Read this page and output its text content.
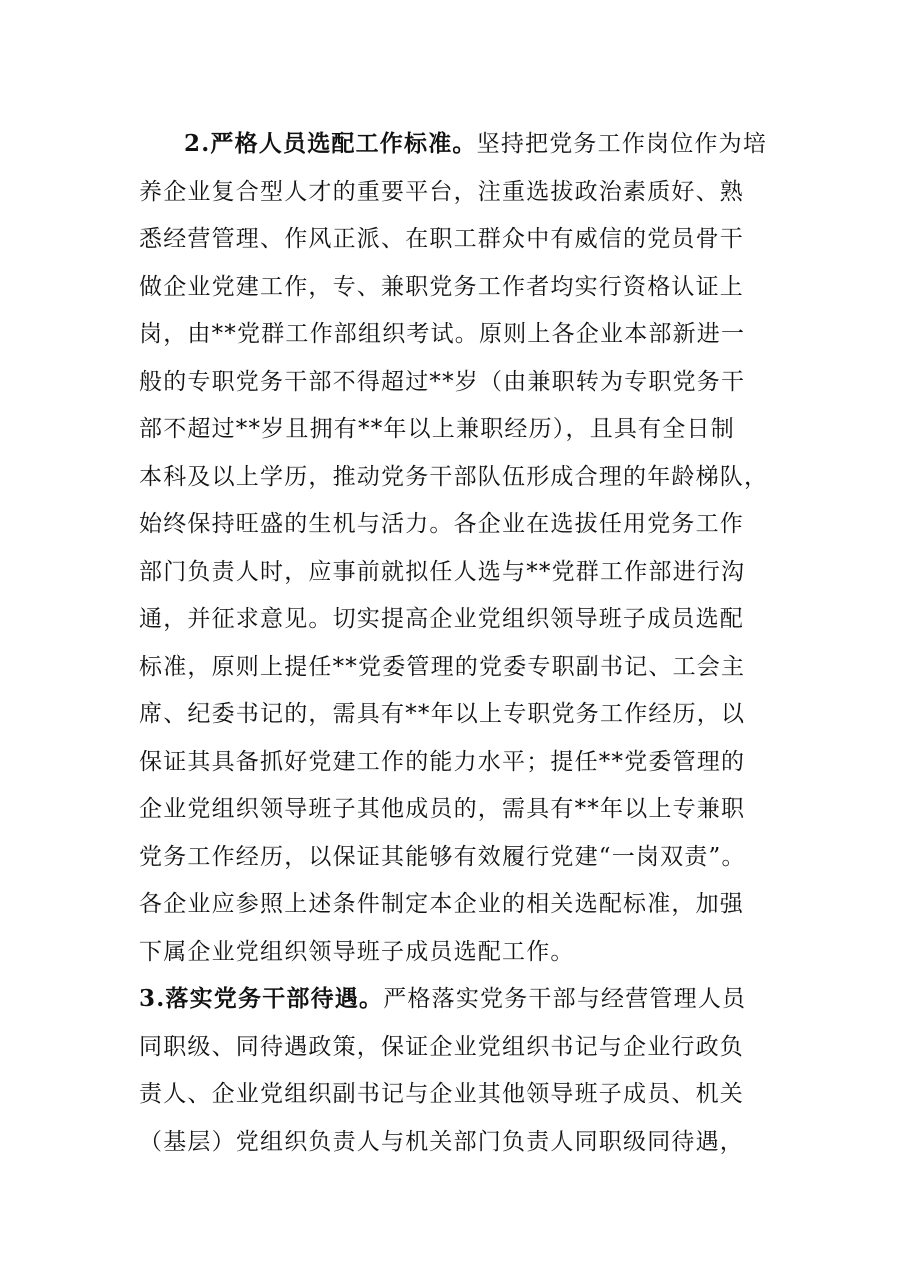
2.严格人员选配工作标准。坚持把党务工作岗位作为培
养企业复合型人才的重要平台，注重选拔政治素质好、熟
悉经营管理、作风正派、在职工群众中有威信的党员骨干
做企业党建工作，专、兼职党务工作者均实行资格认证上
岗，由**党群工作部组织考试。原则上各企业本部新进一
般的专职党务干部不得超过**岁（由兼职转为专职党务干
部不超过**岁且拥有**年以上兼职经历），且具有全日制
本科及以上学历，推动党务干部队伍形成合理的年龄梯队，
始终保持旺盛的生机与活力。各企业在选拔任用党务工作
部门负责人时，应事前就拟任人选与**党群工作部进行沟
通，并征求意见。切实提高企业党组织领导班子成员选配
标准，原则上提任**党委管理的党委专职副书记、工会主
席、纪委书记的，需具有**年以上专职党务工作经历，以
保证其具备抓好党建工作的能力水平；提任**党委管理的
企业党组织领导班子其他成员的，需具有**年以上专兼职
党务工作经历，以保证其能够有效履行党建“一岗双责”。
各企业应参照上述条件制定本企业的相关选配标准，加强
下属企业党组织领导班子成员选配工作。
3.落实党务干部待遇。严格落实党务干部与经营管理人员
同职级、同待遇政策，保证企业党组织书记与企业行政负
责人、企业党组织副书记与企业其他领导班子成员、机关
（基层）党组织负责人与机关部门负责人同职级同待遇，
